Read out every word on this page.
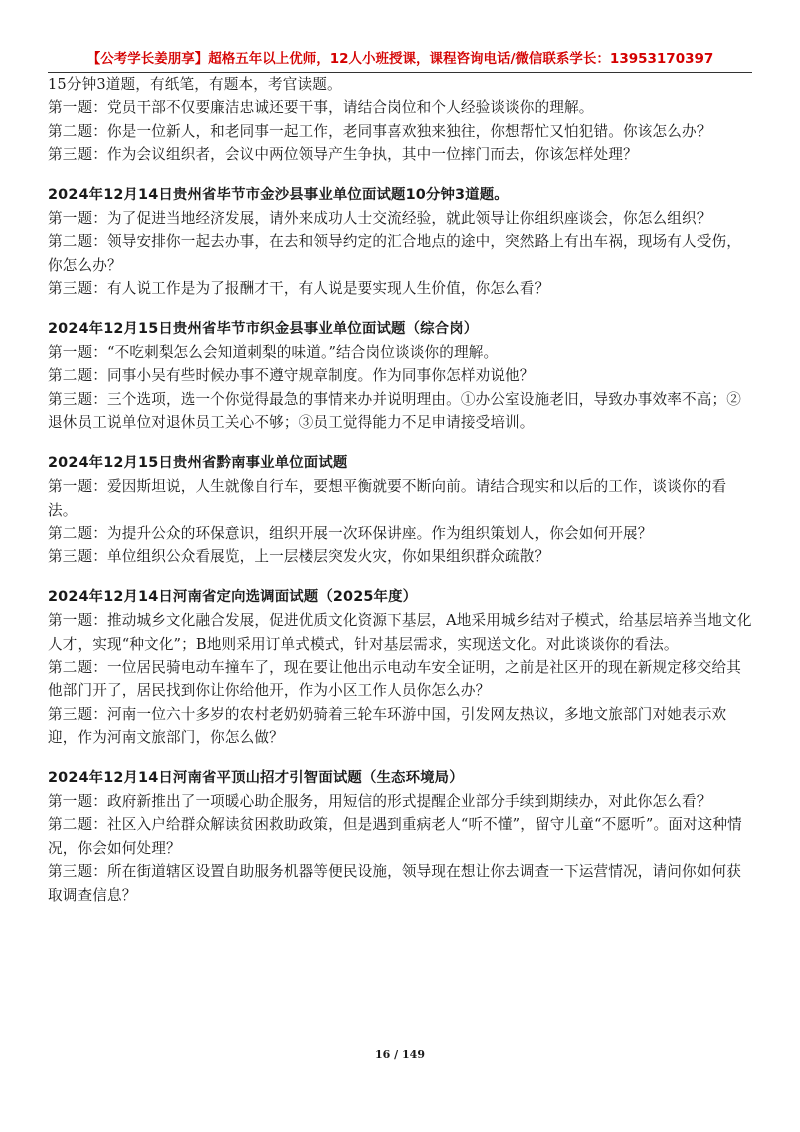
【公考学长姜朋享】超格五年以上优师，12人小班授课，课程咨询电话/微信联系学长：13953170397

15分钟3道题，有纸笔，有题本，考官读题。

第一题：党员干部不仅要廉洁忠诚还要干事，请结合岗位和个人经验谈谈你的理解。

第二题：你是一位新人，和老同事一起工作，老同事喜欢独来独往，你想帮忙又怕犯错。你该怎么办？

第三题：作为会议组织者，会议中两位领导产生争执，其中一位摔门而去，你该怎样处理？

2024年12月14日贵州省毕节市金沙县事业单位面试题10分钟3道题。

第一题：为了促进当地经济发展，请外来成功人士交流经验，就此领导让你组织座谈会，你怎么组织？

第二题：领导安排你一起去办事，在去和领导约定的汇合地点的途中，突然路上有出车祸，现场有人受伤，你怎么办？

第三题：有人说工作是为了报酬才干，有人说是要实现人生价值，你怎么看？

2024年12月15日贵州省毕节市织金县事业单位面试题（综合岗）

第一题：“不吃刺梨怎么会知道刺梨的味道。”结合岗位谈谈你的理解。

第二题：同事小吴有些时候办事不遵守规章制度。作为同事你怎样劝说他？

第三题：三个选项，选一个你觉得最急的事情来办并说明理由。①办公室设施老旧，导致办事效率不高；②退休员工说单位对退休员工关心不够；③员工觉得能力不足申请接受培训。

2024年12月15日贵州省黔南事业单位面试题

第一题：爱因斯坦说，人生就像自行车，要想平衡就要不断向前。请结合现实和以后的工作，谈谈你的看法。

第二题：为提升公众的环保意识，组织开展一次环保讲座。作为组织策划人，你会如何开展？

第三题：单位组织公众看展览，上一层楼层突发火灾，你如果组织群众疏散？

2024年12月14日河南省定向选调面试题（2025年度）

第一题：推动城乡文化融合发展，促进优质文化资源下基层，A地采用城乡结对子模式，给基层培养当地文化人才，实现“种文化”；B地则采用订单式模式，针对基层需求，实现送文化。对此谈谈你的看法。

第二题：一位居民骑电动车撞车了，现在要让他出示电动车安全证明，之前是社区开的现在新规定移交给其他部门开了，居民找到你让你给他开，作为小区工作人员你怎么办？

第三题：河南一位六十多岁的农村老奶奶骑着三轮车环游中国，引发网友热议，多地文旅部门对她表示欢迎，作为河南文旅部门，你怎么做？

2024年12月14日河南省平顶山招才引智面试题（生态环境局）

第一题：政府新推出了一项暖心助企服务，用短信的形式提醒企业部分手续到期续办，对此你怎么看？

第二题：社区入户给群众解读贫困救助政策，但是遇到重病老人“听不懂”，留守儿童“不愿听”。面对这种情况，你会如何处理？

第三题：所在街道辖区设置自助服务机器等便民设施，领导现在想让你去调查一下运营情况，请问你如何获取调查信息？

16 / 149
